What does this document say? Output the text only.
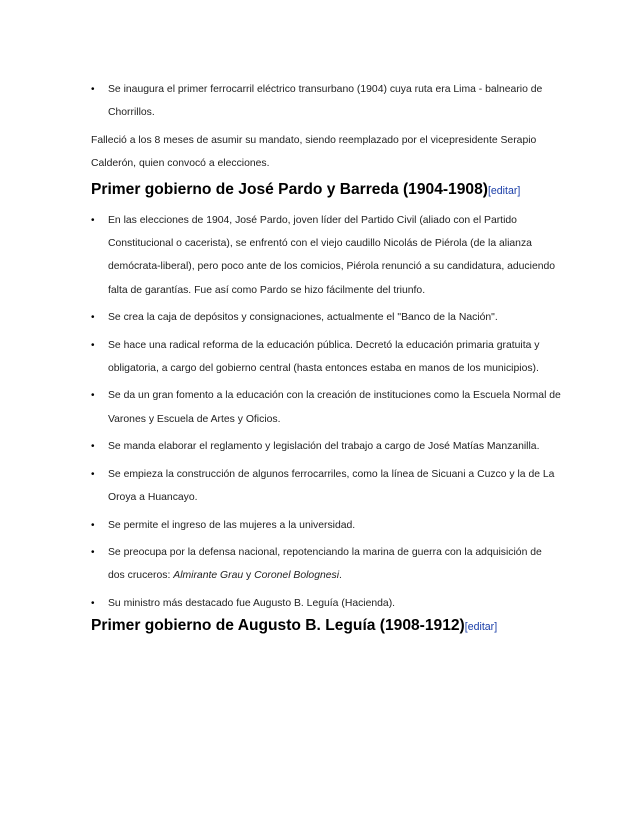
• Se inaugura el primer ferrocarril eléctrico transurbano (1904) cuya ruta era Lima - balneario de Chorrillos.

Falleció a los 8 meses de asumir su mandato, siendo reemplazado por el vicepresidente Serapio Calderón, quien convocó a elecciones.

Primer gobierno de José Pardo y Barreda (1904-1908)[editar]
• En las elecciones de 1904, José Pardo, joven líder del Partido Civil (aliado con el Partido Constitucional o cacerista), se enfrentó con el viejo caudillo Nicolás de Piérola (de la alianza demócrata-liberal), pero poco ante de los comicios, Piérola renunció a su candidatura, aduciendo falta de garantías. Fue así como Pardo se hizo fácilmente del triunfo.
• Se crea la caja de depósitos y consignaciones, actualmente el "Banco de la Nación".
• Se hace una radical reforma de la educación pública. Decretó la educación primaria gratuita y obligatoria, a cargo del gobierno central (hasta entonces estaba en manos de los municipios).
• Se da un gran fomento a la educación con la creación de instituciones como la Escuela Normal de Varones y Escuela de Artes y Oficios.
• Se manda elaborar el reglamento y legislación del trabajo a cargo de José Matías Manzanilla.
• Se empieza la construcción de algunos ferrocarriles, como la línea de Sicuani a Cuzco y la de La Oroya a Huancayo.
• Se permite el ingreso de las mujeres a la universidad.
• Se preocupa por la defensa nacional, repotenciando la marina de guerra con la adquisición de dos cruceros: Almirante Grau y Coronel Bolognesi.
• Su ministro más destacado fue Augusto B. Leguía (Hacienda).
Primer gobierno de Augusto B. Leguía (1908-1912)[editar]
